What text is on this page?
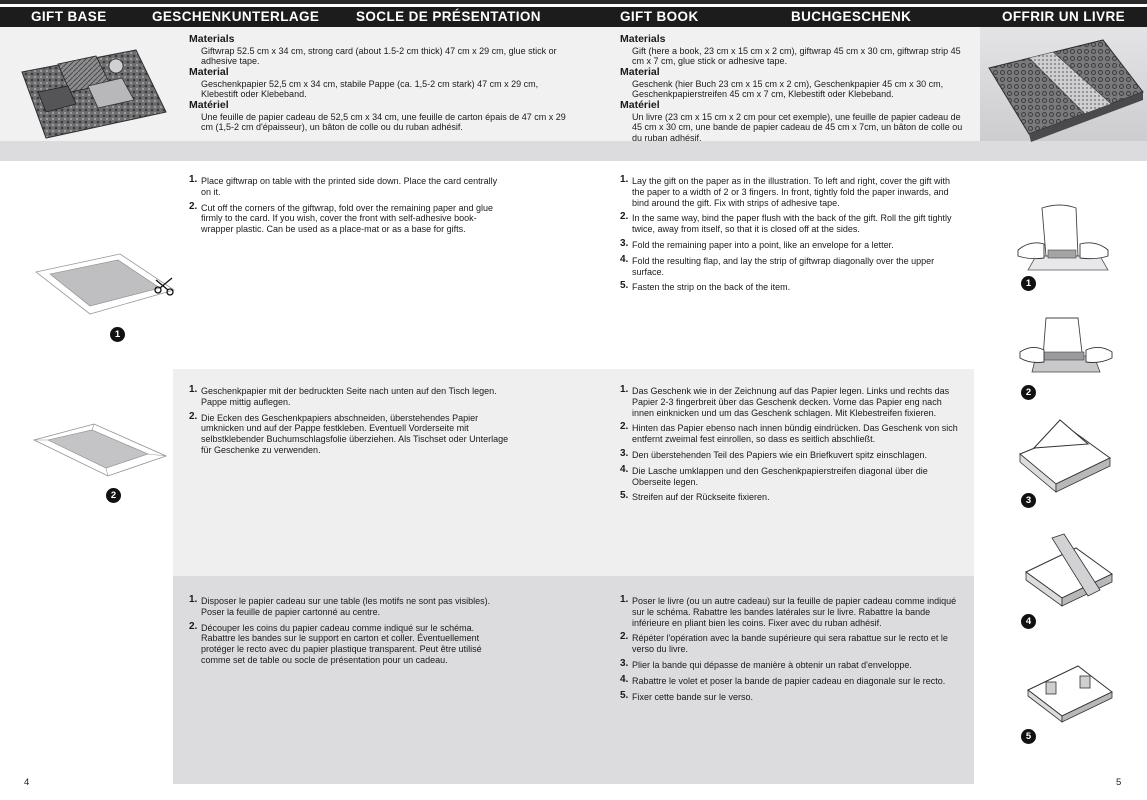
GIFT BASE	GESCHENKUNTERLAGE	SOCLE DE PRÉSENTATION	GIFT BOOK	BUCHGESCHENK	OFFRIR UN LIVRE
Materials
Giftwrap 52.5 cm x 34 cm, strong card (about 1.5-2 cm thick) 47 cm x 29 cm, glue stick or adhesive tape.
Material
Geschenkpapier 52,5 cm x 34 cm, stabile Pappe (ca. 1,5-2 cm stark) 47 cm x 29 cm, Klebestift oder Klebeband.
Matériel
Une feuille de papier cadeau de 52,5 cm x 34 cm, une feuille de carton épais de 47 cm x 29 cm (1,5-2 cm d'épaisseur), un bâton de colle ou du ruban adhésif.
Materials
Gift (here a book, 23 cm x 15 cm x 2 cm), giftwrap 45 cm x 30 cm, giftwrap strip 45 cm x 7 cm, glue stick or adhesive tape.
Material
Geschenk (hier Buch 23 cm x 15 cm x 2 cm), Geschenkpapier 45 cm x 30 cm, Geschenkpapierstreifen 45 cm x 7 cm, Klebestift oder Klebeband.
Matériel
Un livre (23 cm x 15 cm x 2 cm pour cet exemple), une feuille de papier cadeau de 45 cm x 30 cm, une bande de papier cadeau de 45 cm x 7cm, un bâton de colle ou du ruban adhésif.
1. Place giftwrap on table with the printed side down. Place the card centrally on it.
2. Cut off the corners of the giftwrap, fold over the remaining paper and glue firmly to the card. If you wish, cover the front with self-adhesive book-wrapper plastic. Can be used as a place-mat or as a base for gifts.
1. Geschenkpapier mit der bedruckten Seite nach unten auf den Tisch legen. Pappe mittig auflegen.
2. Die Ecken des Geschenkpapiers abschneiden, überstehendes Papier umknicken und auf der Pappe festkleben. Eventuell Vorderseite mit selbstklebender Buchumschlagsfolie überziehen. Als Tischset oder Unterlage für Geschenke zu verwenden.
1. Disposer le papier cadeau sur une table (les motifs ne sont pas visibles). Poser la feuille de papier cartonné au centre.
2. Découper les coins du papier cadeau comme indiqué sur le schéma. Rabattre les bandes sur le support en carton et coller. Éventuellement protéger le recto avec du papier plastique transparent. Peut être utilisé comme set de table ou socle de présentation pour un cadeau.
1. Lay the gift on the paper as in the illustration. To left and right, cover the gift with the paper to a width of 2 or 3 fingers. In front, tightly fold the paper inwards, and bind around the gift. Fix with strips of adhesive tape.
2. In the same way, bind the paper flush with the back of the gift. Roll the gift tightly twice, away from itself, so that it is closed off at the sides.
3. Fold the remaining paper into a point, like an envelope for a letter.
4. Fold the resulting flap, and lay the strip of giftwrap diagonally over the upper surface.
5. Fasten the strip on the back of the item.
1. Das Geschenk wie in der Zeichnung auf das Papier legen. Links und rechts das Papier 2-3 fingerbreit über das Geschenk decken. Vorne das Papier eng nach innen einknicken und um das Geschenk schlagen. Mit Klebestreifen fixieren.
2. Hinten das Papier ebenso nach innen bündig eindrücken. Das Geschenk von sich entfernt zweimal fest einrollen, so dass es seitlich abschließt.
3. Den überstehenden Teil des Papiers wie ein Briefkuvert spitz einschlagen.
4. Die Lasche umklappen und den Geschenkpapierstreifen diagonal über die Oberseite legen.
5. Streifen auf der Rückseite fixieren.
1. Poser le livre (ou un autre cadeau) sur la feuille de papier cadeau comme indiqué sur le schéma. Rabattre les bandes latérales sur le livre. Rabattre la bande inférieure en pliant bien les coins. Fixer avec du ruban adhésif.
2. Répéter l'opération avec la bande supérieure qui sera rabattue sur le recto et le verso du livre.
3. Plier la bande qui dépasse de manière à obtenir un rabat d'enveloppe.
4. Rabattre le volet et poser la bande de papier cadeau en diagonale sur le recto.
5. Fixer cette bande sur le verso.
1
2
1
2
3
4
5
4	5
